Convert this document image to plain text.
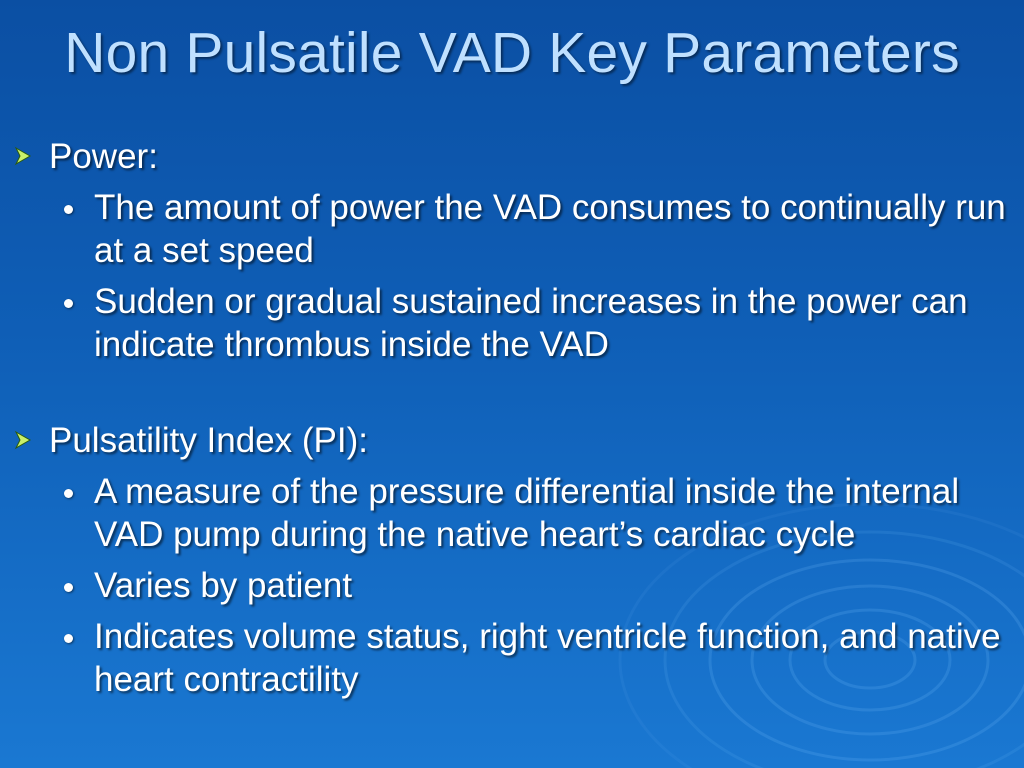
Non Pulsatile VAD Key Parameters
Power:
The amount of power the VAD consumes to continually run at a set speed
Sudden or gradual sustained increases in the power can indicate thrombus inside the VAD
Pulsatility Index (PI):
A measure of the pressure differential inside the internal VAD pump during the native heart’s cardiac cycle
Varies by patient
Indicates volume status, right ventricle function, and native heart contractility
